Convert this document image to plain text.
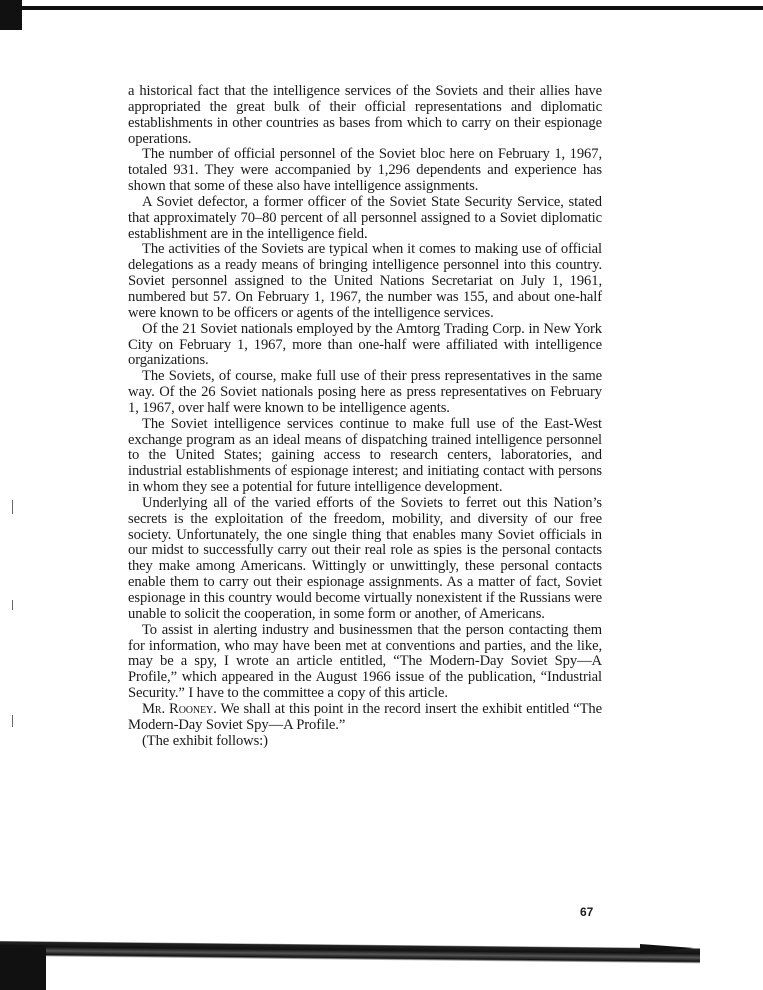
a historical fact that the intelligence services of the Soviets and their allies have appropriated the great bulk of their official representations and diplomatic establishments in other countries as bases from which to carry on their espionage operations.

The number of official personnel of the Soviet bloc here on February 1, 1967, totaled 931. They were accompanied by 1,296 dependents and experience has shown that some of these also have intelligence assignments.

A Soviet defector, a former officer of the Soviet State Security Service, stated that approximately 70–80 percent of all personnel assigned to a Soviet diplomatic establishment are in the intelligence field.

The activities of the Soviets are typical when it comes to making use of official delegations as a ready means of bringing intelligence personnel into this country. Soviet personnel assigned to the United Nations Secretariat on July 1, 1961, numbered but 57. On February 1, 1967, the number was 155, and about one-half were known to be officers or agents of the intelligence services.

Of the 21 Soviet nationals employed by the Amtorg Trading Corp. in New York City on February 1, 1967, more than one-half were affiliated with intelligence organizations.

The Soviets, of course, make full use of their press representatives in the same way. Of the 26 Soviet nationals posing here as press representatives on February 1, 1967, over half were known to be intelligence agents.

The Soviet intelligence services continue to make full use of the East-West exchange program as an ideal means of dispatching trained intelligence personnel to the United States; gaining access to research centers, laboratories, and industrial establishments of espionage interest; and initiating contact with persons in whom they see a potential for future intelligence development.

Underlying all of the varied efforts of the Soviets to ferret out this Nation’s secrets is the exploitation of the freedom, mobility, and diversity of our free society. Unfortunately, the one single thing that enables many Soviet officials in our midst to successfully carry out their real role as spies is the personal contacts they make among Americans. Wittingly or unwittingly, these personal contacts enable them to carry out their espionage assignments. As a matter of fact, Soviet espionage in this country would become virtually nonexistent if the Russians were unable to solicit the cooperation, in some form or another, of Americans.

To assist in alerting industry and businessmen that the person contacting them for information, who may have been met at conventions and parties, and the like, may be a spy, I wrote an article entitled, “The Modern-Day Soviet Spy—A Profile,” which appeared in the August 1966 issue of the publication, “Industrial Security.” I have to the committee a copy of this article.

Mr. Rooney. We shall at this point in the record insert the exhibit entitled “The Modern-Day Soviet Spy—A Profile.”

(The exhibit follows:)

67
